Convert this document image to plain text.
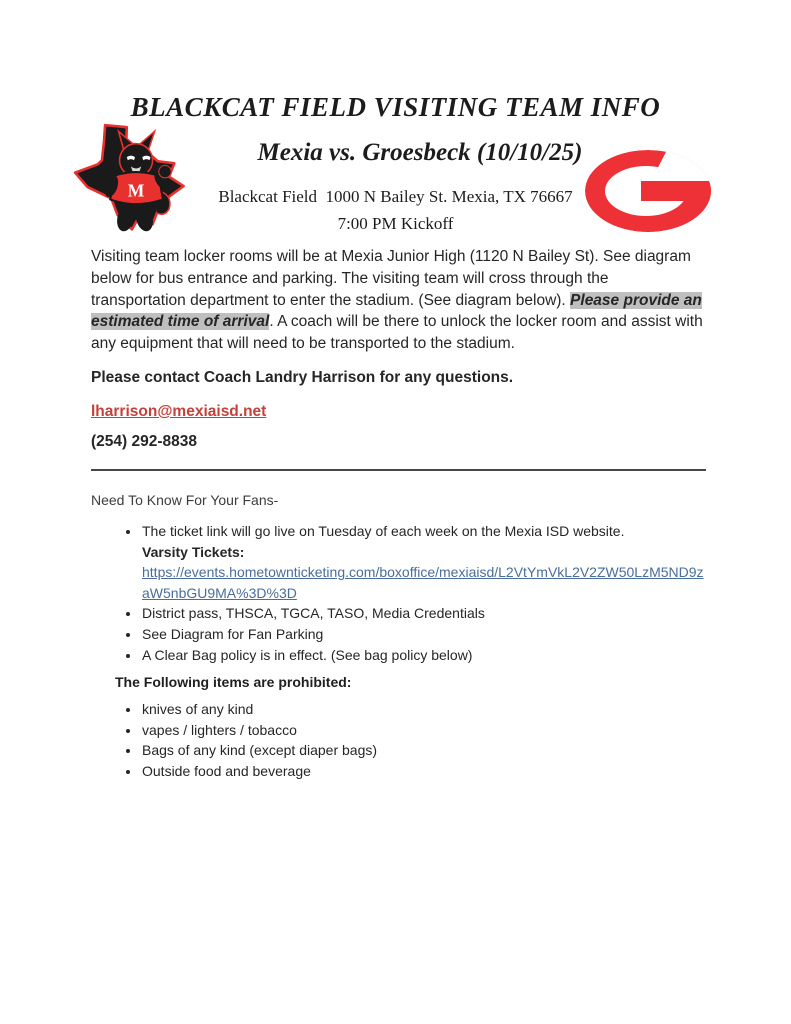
BLACKCAT FIELD VISITING TEAM INFO
Mexia vs. Groesbeck (10/10/25)
Blackcat Field  1000 N Bailey St. Mexia, TX 76667
7:00 PM Kickoff
M

Visiting team locker rooms will be at Mexia Junior High (1120 N Bailey St). See diagram below for bus entrance and parking. The visiting team will cross through the transportation department to enter the stadium. (See diagram below). Please provide an estimated time of arrival. A coach will be there to unlock the locker room and assist with any equipment that will need to be transported to the stadium.

Please contact Coach Landry Harrison for any questions.
lharrison@mexiaisd.net
(254) 292-8838
Need To Know For Your Fans-
• The ticket link will go live on Tuesday of each week on the Mexia ISD website.
Varsity Tickets:
https://events.hometownticketing.com/boxoffice/mexiaisd/L2VtYmVkL2V2ZW50LzM5ND9zaW5nbGU9MA%3D%3D
• District pass, THSCA, TGCA, TASO, Media Credentials
• See Diagram for Fan Parking
• A Clear Bag policy is in effect. (See bag policy below)
The Following items are prohibited:
• knives of any kind
• vapes / lighters / tobacco
• Bags of any kind (except diaper bags)
• Outside food and beverage
